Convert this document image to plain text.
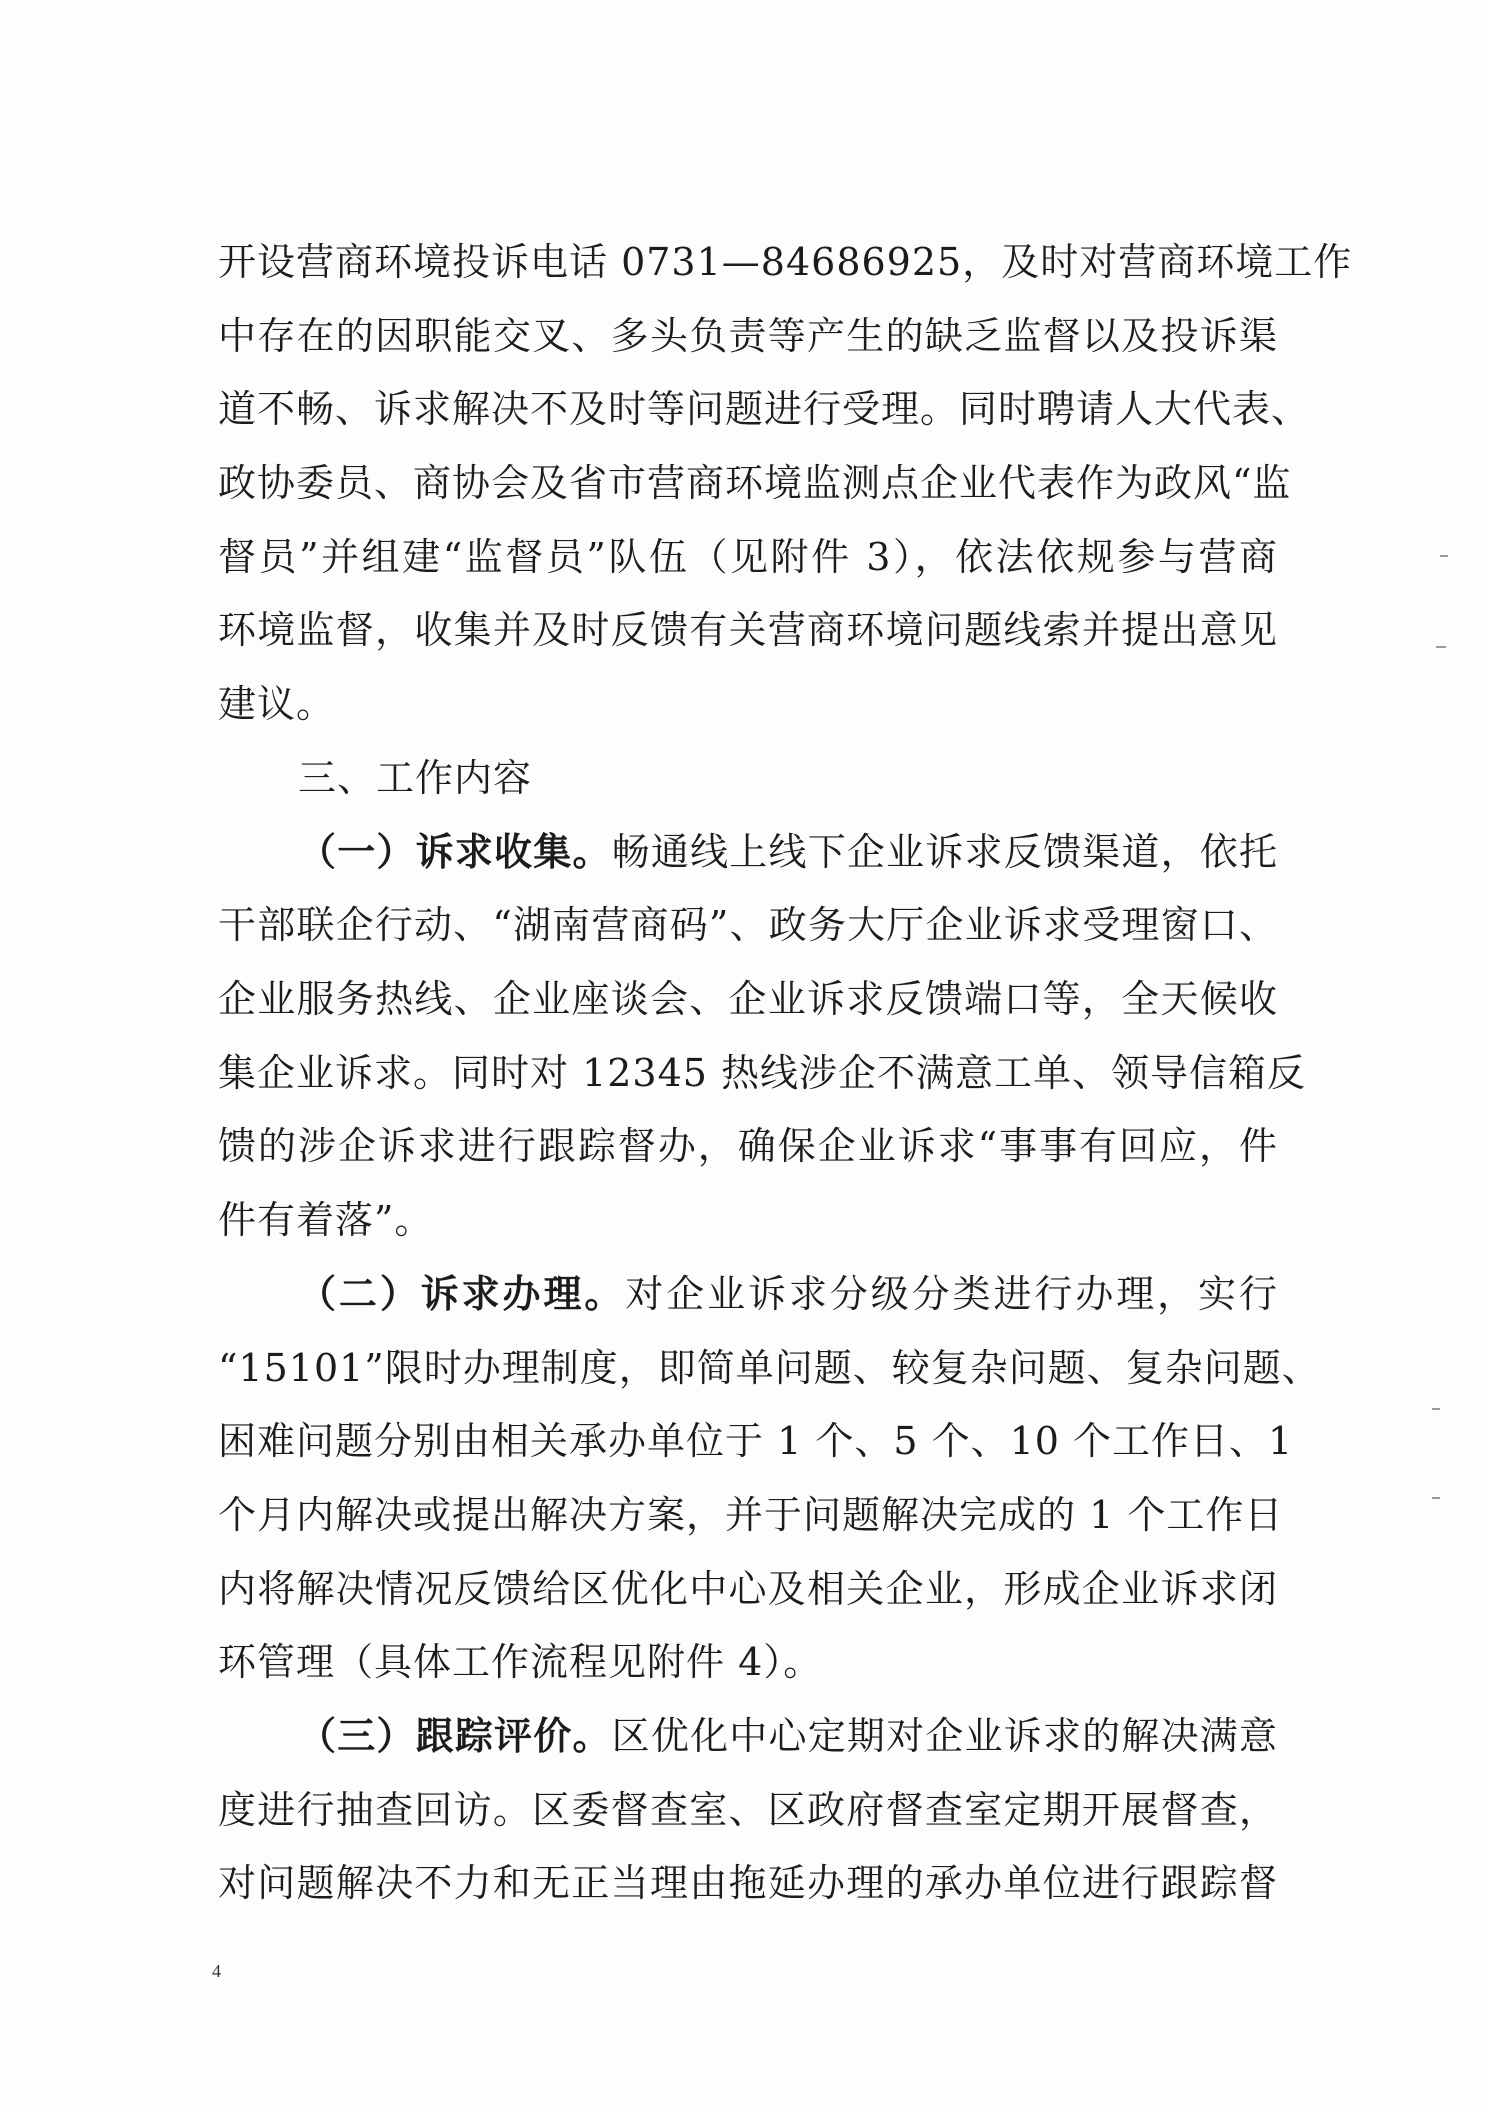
开设营商环境投诉电话 0731—84686925，及时对营商环境工作
中存在的因职能交叉、多头负责等产生的缺乏监督以及投诉渠
道不畅、诉求解决不及时等问题进行受理。同时聘请人大代表、
政协委员、商协会及省市营商环境监测点企业代表作为政风“监
督员”并组建“监督员”队伍（见附件 3），依法依规参与营商
环境监督，收集并及时反馈有关营商环境问题线索并提出意见
建议。
三、工作内容
（一）诉求收集。畅通线上线下企业诉求反馈渠道，依托
干部联企行动、“湖南营商码”、政务大厅企业诉求受理窗口、
企业服务热线、企业座谈会、企业诉求反馈端口等，全天候收
集企业诉求。同时对 12345 热线涉企不满意工单、领导信箱反
馈的涉企诉求进行跟踪督办，确保企业诉求“事事有回应，件
件有着落”。
（二）诉求办理。对企业诉求分级分类进行办理，实行
“15101”限时办理制度，即简单问题、较复杂问题、复杂问题、
困难问题分别由相关承办单位于 1 个、5 个、10 个工作日、1
个月内解决或提出解决方案，并于问题解决完成的 1 个工作日
内将解决情况反馈给区优化中心及相关企业，形成企业诉求闭
环管理（具体工作流程见附件 4）。
（三）跟踪评价。区优化中心定期对企业诉求的解决满意
度进行抽查回访。区委督查室、区政府督查室定期开展督查，
对问题解决不力和无正当理由拖延办理的承办单位进行跟踪督
4
